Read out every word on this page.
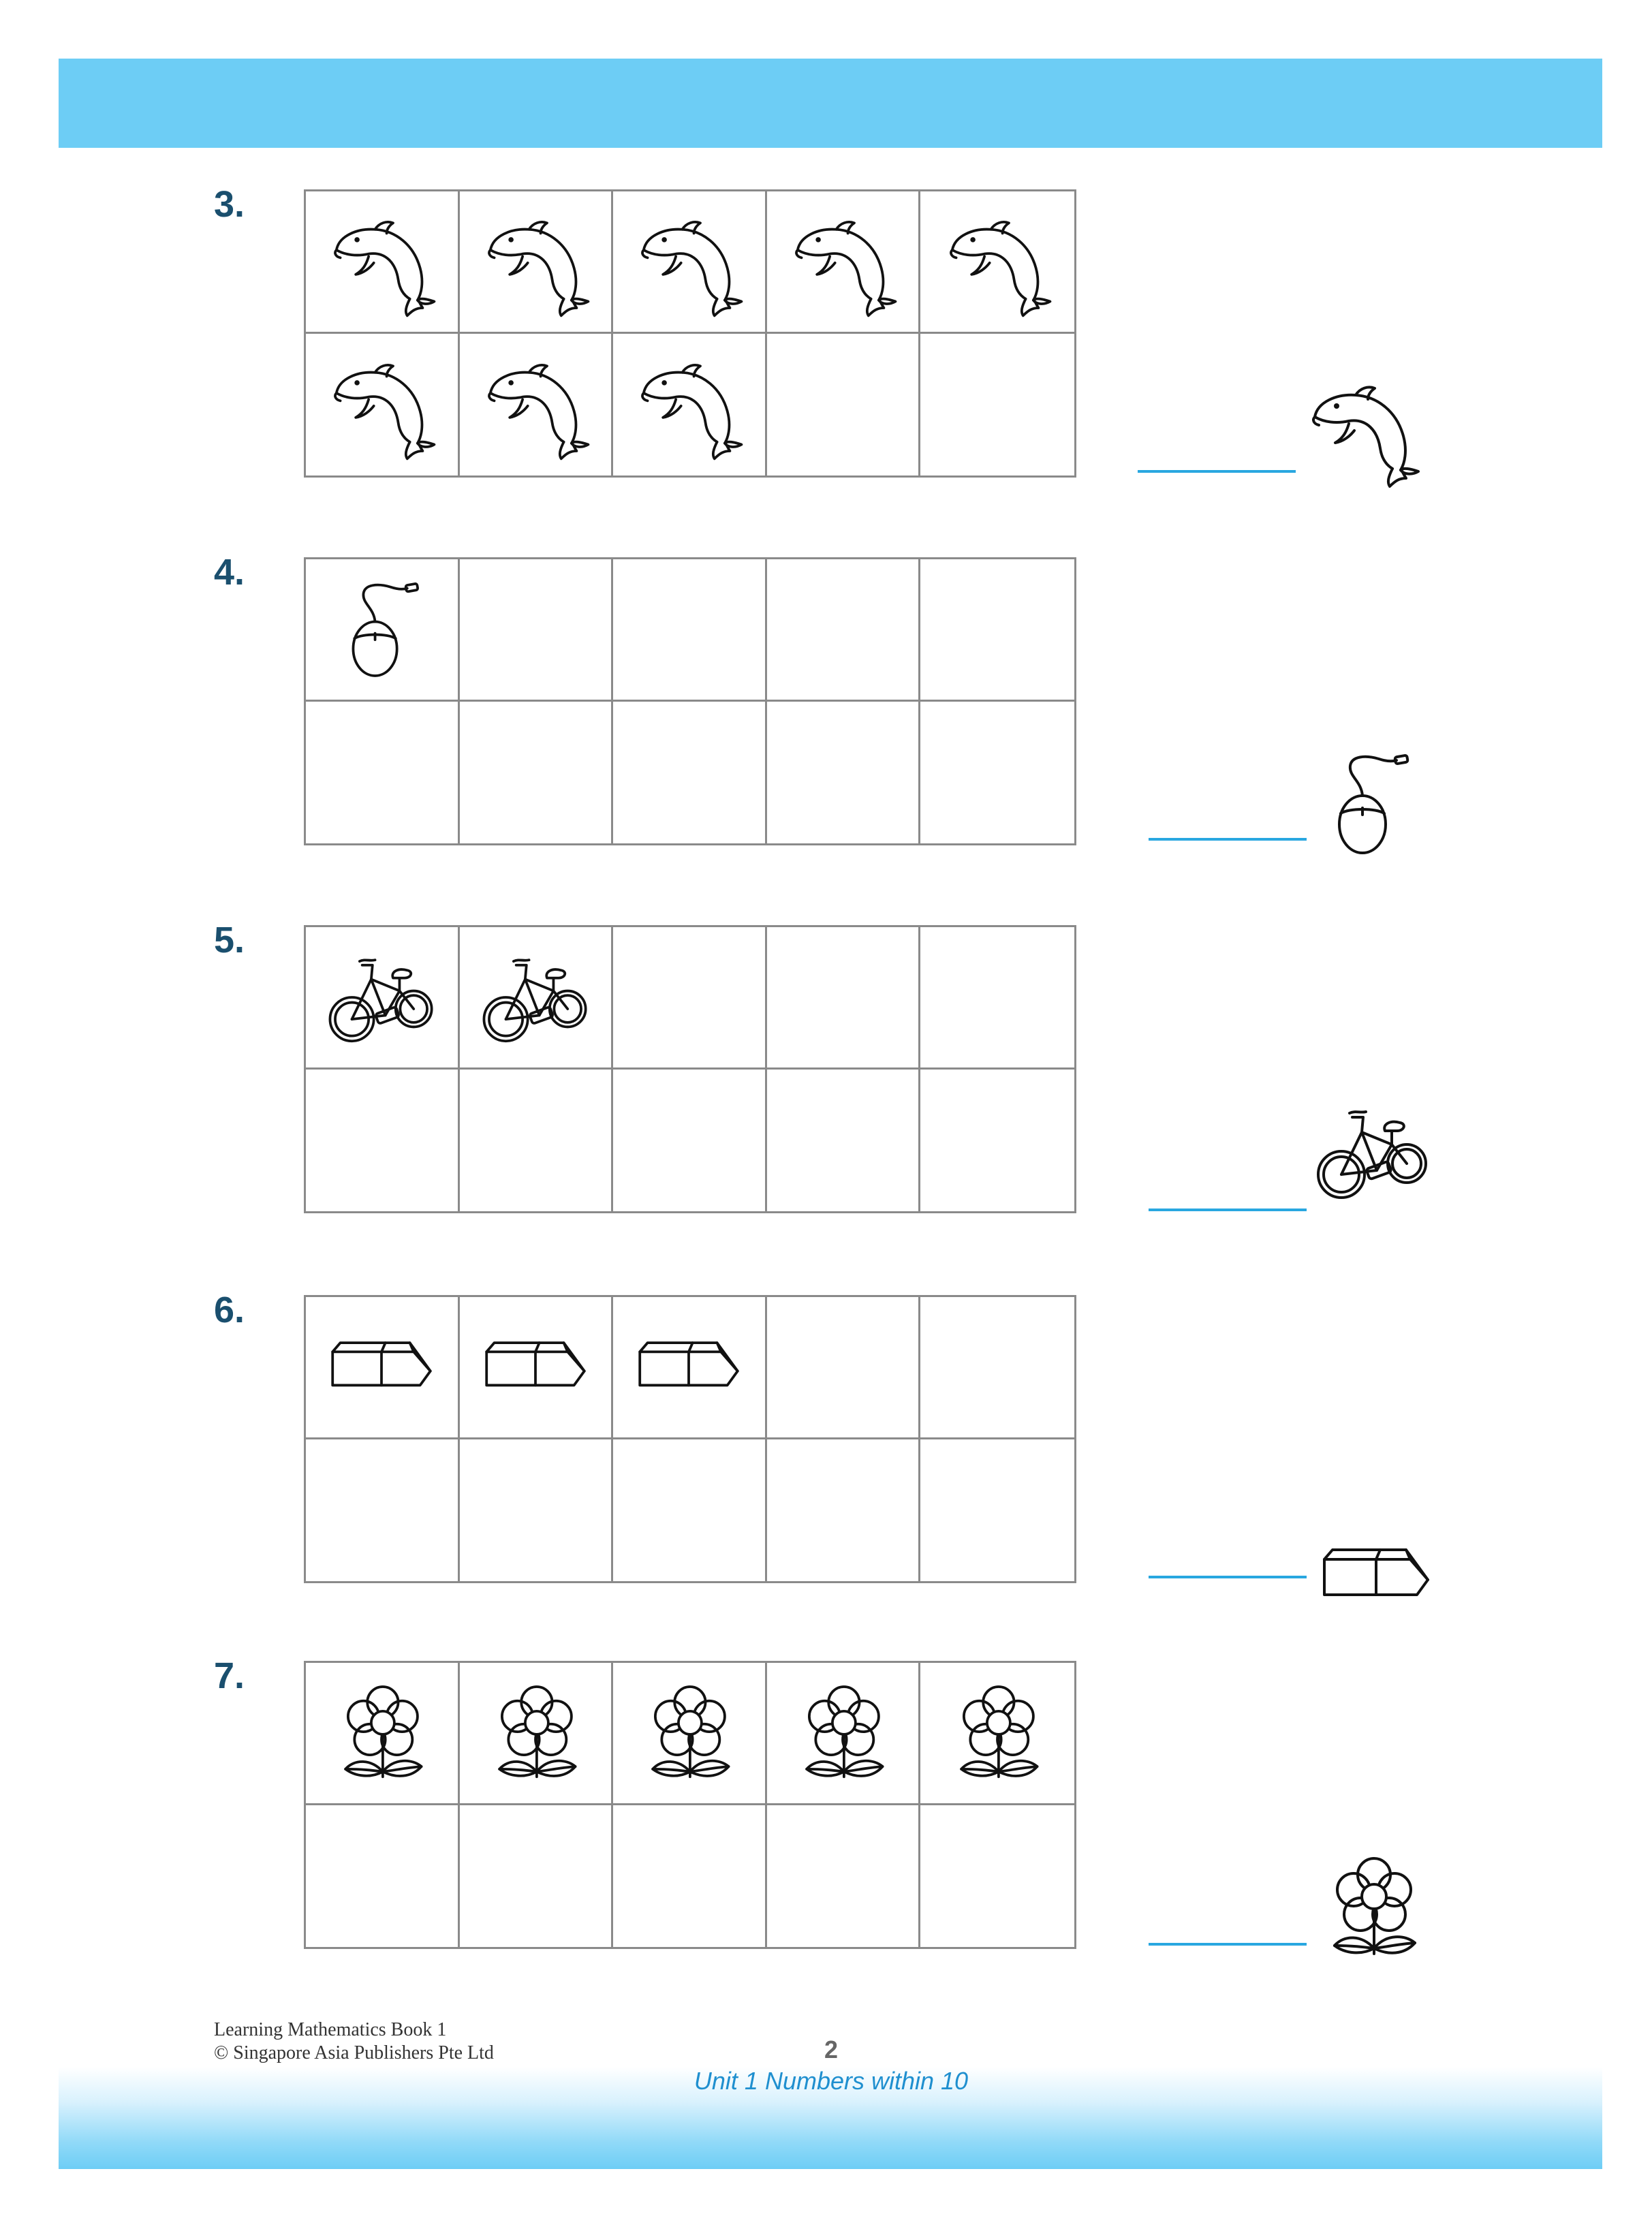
3.
4.
5.
6.
7.
Learning Mathematics Book 1
© Singapore Asia Publishers Pte Ltd	2
Unit 1 Numbers within 10
